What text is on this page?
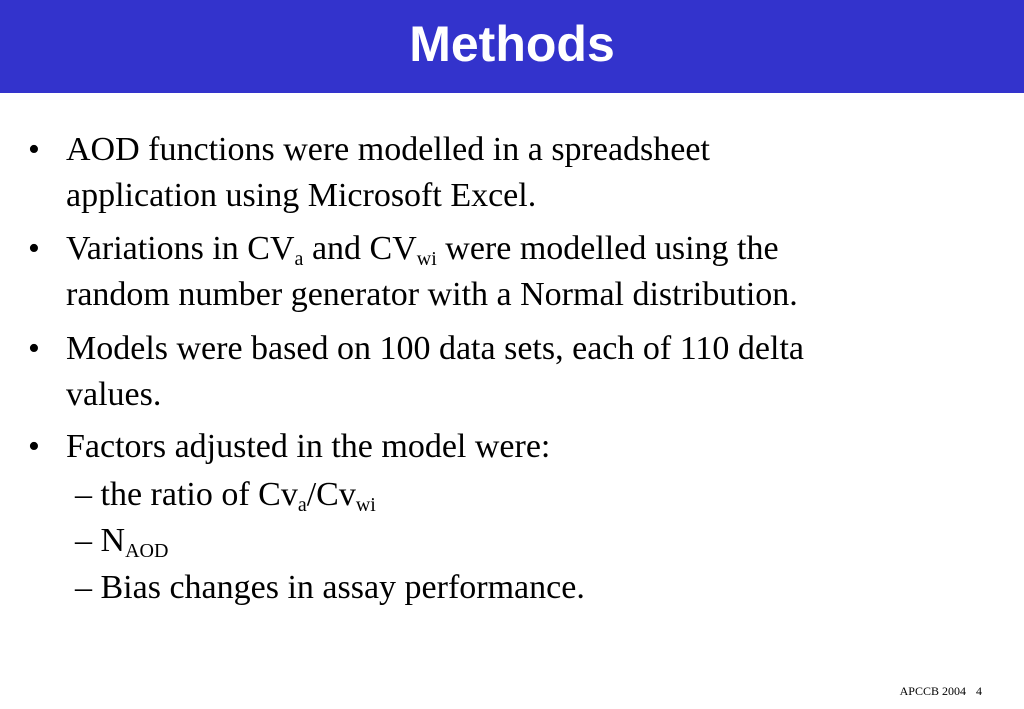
Methods
• AOD functions were modelled in a spreadsheet
application using Microsoft Excel.
• Variations in $CV_a$ and $CV_{wi}$ were modelled using the
random number generator with a Normal distribution.
• Models were based on 100 data sets, each of 110 delta
values.
• Factors adjusted in the model were:
– the ratio of $Cv_a/Cv_{wi}$
– $N_{AOD}$
– Bias changes in assay performance.
APCCB 2004 4
